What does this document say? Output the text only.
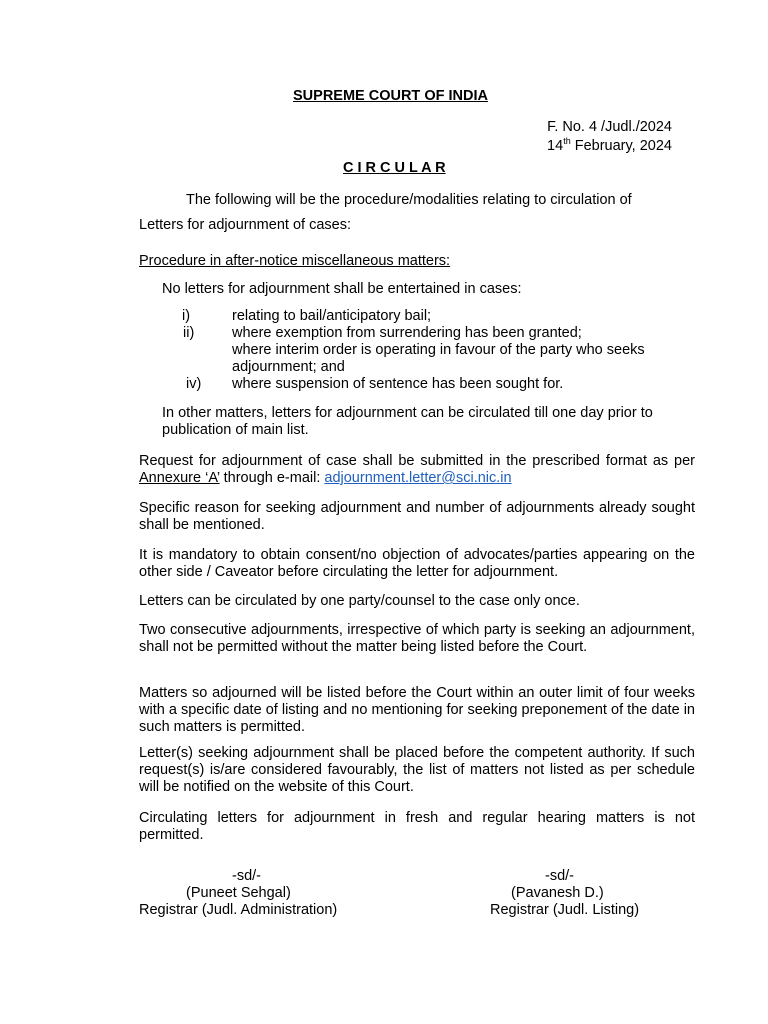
SUPREME COURT OF INDIA
F. No. 4 /Judl./2024
14th February, 2024
C I R C U L A R
The following will be the procedure/modalities relating to circulation of
Letters for adjournment of cases:
Procedure in after-notice miscellaneous matters:
No letters for adjournment shall be entertained in cases:
i)	relating to bail/anticipatory bail;
ii)	where exemption from surrendering has been granted;
where interim order is operating in favour of the party who seeks adjournment; and
iv)	where suspension of sentence has been sought for.
In other matters, letters for adjournment can be circulated till one day prior to publication of main list.
Request for adjournment of case shall be submitted in the prescribed format as per Annexure ‘A’ through e-mail: adjournment.letter@sci.nic.in
Specific reason for seeking adjournment and number of adjournments already sought shall be mentioned.
It is mandatory to obtain consent/no objection of advocates/parties appearing on the other side / Caveator before circulating the letter for adjournment.
Letters can be circulated by one party/counsel to the case only once.
Two consecutive adjournments, irrespective of which party is seeking an adjournment, shall not be permitted without the matter being listed before the Court.
Matters so adjourned will be listed before the Court within an outer limit of four weeks with a specific date of listing and no mentioning for seeking preponement of the date in such matters is permitted.
Letter(s) seeking adjournment shall be placed before the competent authority. If such request(s) is/are considered favourably, the list of matters not listed as per schedule will be notified on the website of this Court.
Circulating letters for adjournment in fresh and regular hearing matters is not permitted.
-sd/-
(Puneet Sehgal)
Registrar (Judl. Administration)
-sd/-
(Pavanesh D.)
Registrar (Judl. Listing)
